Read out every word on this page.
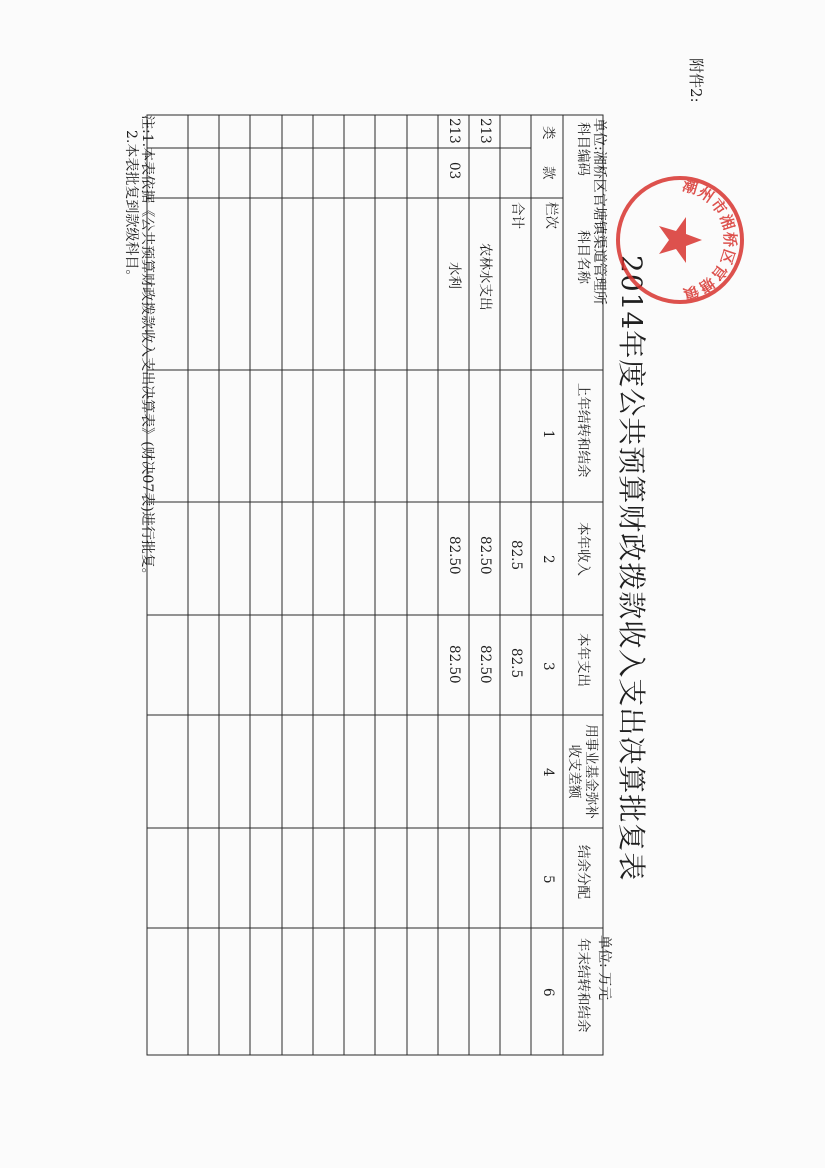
附件2:
2014年度公共预算财政拨款收入支出决算批复表
单位:湘桥区官塘镇渠道管理所
单位: 万元
科目编码
科目名称
类
款
栏次
合计
上年结转和结余
本年收入
本年支出
用事业基金弥补收支差额
结余分配
年末结转和结余
1
2
3
4
5
6
82.5
82.5
213
农林水支出
82.50
82.50
213
03
水利
82.50
82.50
注:1.本表依据《公共预算财政拨款收入支出决算表》(财决07表)进行批复。
2.本表批复到款级科目。	潮州市湘桥区官塘镇
